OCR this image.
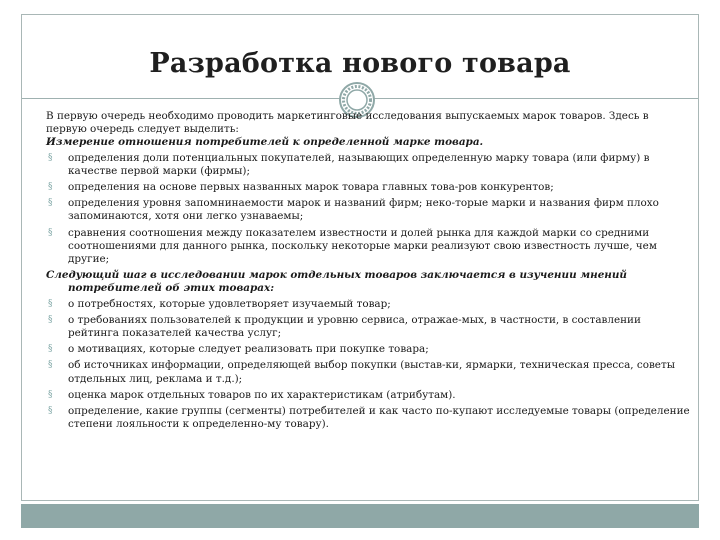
Разработка нового товара

В первую очередь необходимо проводить маркетинговые исследования выпускаемых марок товаров. Здесь в первую очередь следует выделить:

Измерение отношения потребителей к определенной марке товара.

§ определения доли потенциальных покупателей, называющих определенную марку товара (или фирму) в качестве первой марки (фирмы);
§ определения на основе первых названных марок товара главных това-ров конкурентов;
§ определения уровня запомнинаемости марок и названий фирм; неко-торые марки и названия фирм плохо запоминаются, хотя они легко узнаваемы;
§ сравнения соотношения между показателем известности и долей рынка для каждой марки со средними соотношениями для данного рынка, поскольку некоторые марки реализуют свою известность лучше, чем другие;

Следующий шаг в исследовании марок отдельных товаров заключается в изучении мнений потребителей об этих товарах:

§ о потребностях, которые удовлетворяет изучаемый товар;
§ о требованиях пользователей к продукции и уровню сервиса, отражае-мых, в частности, в составлении рейтинга показателей качества услуг;
§ о мотивациях, которые следует реализовать при покупке товара;
§ об источниках информации, определяющей выбор покупки (выстав-ки, ярмарки, техническая пресса, советы отдельных лиц, реклама и т.д.);
§ оценка марок отдельных товаров по их характеристикам (атрибутам).
§ определение, какие группы (сегменты) потребителей и как часто по-купают исследуемые товары (определение степени лояльности к определенно-му товару).
